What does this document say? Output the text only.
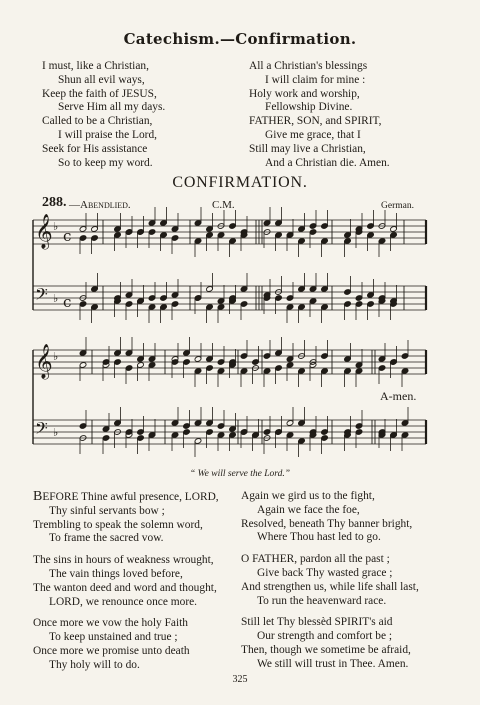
Catechism.—Confirmation.
I must, like a Christian,
Shun all evil ways,
Keep the faith of JESUS,
Serve Him all my days.
Called to be a Christian,
I will praise the Lord,
Seek for His assistance
So to keep my word.
All a Christian's blessings
I will claim for mine :
Holy work and worship,
Fellowship Divine.
FATHER, SON, and SPIRIT,
Give me grace, that I
Still may live a Christian,
And a Christian die. Amen.
CONFIRMATION.
288. —Abendlied.	C.M.	German.
𝄞 ♭
c
𝄢 ♭ c
𝄞 ♭
𝄢 ♭
A-men.
“ We will serve the Lord.”
BEFORE Thine awful presence, LORD,
Thy sinful servants bow ;
Trembling to speak the solemn word,
To frame the sacred vow.
The sins in hours of weakness wrought,
The vain things loved before,
The wanton deed and word and thought,
LORD, we renounce once more.
Once more we vow the holy Faith
To keep unstained and true ;
Once more we promise unto death
Thy holy will to do.
Again we gird us to the fight,
Again we face the foe,
Resolved, beneath Thy banner bright,
Where Thou hast led to go.
O FATHER, pardon all the past ;
Give back Thy wasted grace ;
And strengthen us, while life shall last,
To run the heavenward race.
Still let Thy blessèd SPIRIT's aid
Our strength and comfort be ;
Then, though we sometime be afraid,
We still will trust in Thee. Amen.
325
